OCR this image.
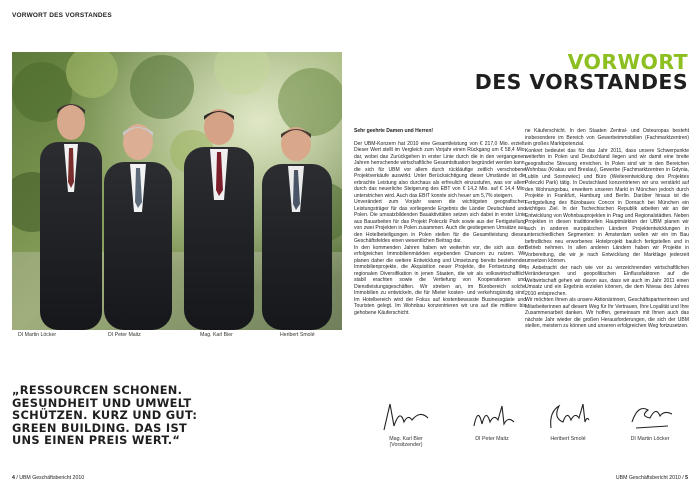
VORWORT DES VORSTANDES
DI Martin Löcker	DI Peter Maitz	Mag. Karl Bier	Heribert Smolé
„RESSOURCEN SCHONEN.
GESUNDHEIT UND UMWELT
SCHÜTZEN. KURZ UND GUT:
GREEN BUILDING. DAS IST
UNS EINEN PREIS WERT.“
VORWORT
DES VORSTANDES

Sehr geehrte Damen und Herren!

Der UBM-Konzern hat 2010 eine Gesamtleistung von € 217,0 Mio. erzielt. Dieser Wert stellt im Vergleich zum Vorjahr einen Rückgang um € 58,4 Mio. dar, wobei das Zurückgehen in erster Linie durch die in den vergangenen Jahren herrschende wirtschaftliche Gesamtsituation begründet werden kann, die sich für UBM vor allem durch rückläufige zeitlich verschobene Projektverkäufe auswirkt. Unter Berücksichtigung dieser Umstände ist die erbrachte Leistung also durchaus als erfreulich einzustufen, was vor allem durch das neuerliche Steigerung des EBT von € 14,2 Mio. auf € 14,4 Mio. unterstrichen wird. Auch das EBIT konnte sich heuer um 5,7% steigern.

Unverändert zum Vorjahr waren die wichtigsten geografischen Leistungsträger für das vorliegende Ergebnis die Länder Deutschland und Polen. Die umsatzbildenden Bauaktivitäten setzen sich dabei in erster Linie aus Bauarbeiten für das Projekt Poleczki Park sowie aus der Fertigstellung von zwei Projekten in Polen zusammen. Auch die gestiegenen Umsätze aus den Hotelbeteiligungen in Polen stellen für die Gesamtleistung dieses Geschäftsfeldes einen wesentlichen Beitrag dar.

In den kommenden Jahren haben wir weiterhin vor, die sich aus den erfolgreichen Immobilienmärkten ergebenden Chancen zu nutzen. Wir planen daher die weitere Entwicklung und Umsetzung bereits bestehender Immobilienprojekte, die Akquisition neuer Projekte, die Fortsetzung der regionalen Diversifikation in jenen Staaten, die wir als volkswirtschaftlich stabil erachten sowie die Vertiefung von Kooperationen und Dienstleistungsgeschäften. Wir streben an, im Bürobereich solche Immobilien zu entwickeln, die für Mieter kosten- und verkehrsgünstig sind. Im Hotelbereich wird der Fokus auf kostenbewusste Businessgäste und Touristen gelegt. Im Wohnbau konzentrieren wir uns auf die mittlere bis gehobene Käuferschicht.

ne Käuferschicht. In den Staaten Zentral- und Osteuropas besteht insbesondere im Bereich von Gewerbeimmobilien (Fachmarktzentren) ein großes Marktpotenzial.

Konkret bedeutet das für das Jahr 2011, dass unsere Schwerpunkte weiterhin in Polen und Deutschland liegen und wir damit eine breite geografische Streuung erreichen. In Polen sind wir in den Bereichen Wohnbau (Krakau und Breslau), Gewerbe (Fachmarktzentren in Gdynia, Lublin und Sosnowiec) und Büro (Weiterentwicklung des Projektes Poleczki Park) tätig. In Deutschland konzentrieren wir uns verstärkt auf den Wohnungsbau, erweitern unseren Markt in München jedoch durch Projekte in Frankfurt, Hamburg und Berlin. Darüber hinaus ist die Fertigstellung des Bürobaues Concor in Dornach bei München ein wichtiges Ziel. In der Tschechischen Republik arbeiten wir an der Entwicklung von Wohnbauprojekten in Prag und Regionalstädten. Neben Projekten in diesen traditionellen Hauptmärkten der UBM planen wir auch in anderen europäischen Ländern Projektentwicklungen in unterschiedlichen Segmenten: in Amsterdam wollen wir ein im Bau befindliches neu erworbenes Hotelprojekt baulich fertigstellen und in Betrieb nehmen. In allen anderen Ländern haben wir Projekte in Vorbereitung, die wir je nach Entwicklung der Marktlage jederzeit umsetzen können.

In Anbetracht der nach wie vor zu verzeichnenden wirtschaftlichen Veränderungen und geopolitischen Einflussfaktoren auf die Weltwirtschaft gehen wir davon aus, dass wir auch im Jahr 2011 einen Umsatz und ein Ergebnis erzielen können, die dem Niveau des Jahres 2010 entsprechen.

Wir möchten Ihnen als unsere Aktionärinnen, Geschäftspartnerinnen und Mitarbeiterinnen auf diesem Weg für Ihr Vertrauen, Ihre Loyalität und Ihre Zusammenarbeit danken. Wir hoffen, gemeinsam mit Ihnen auch das nächste Jahr wieder die großen Herausforderungen, die sich der UBM stellen, meistern zu können und unseren erfolgreichen Weg fortzusetzen.

Mag. Karl Bier
(Vorsitzender)
DI Peter Maitz	Heribert Smolé	DI Martin Löcker
4 / UBM Geschäftsbericht 2010	UBM Geschäftsbericht 2010 / 5
